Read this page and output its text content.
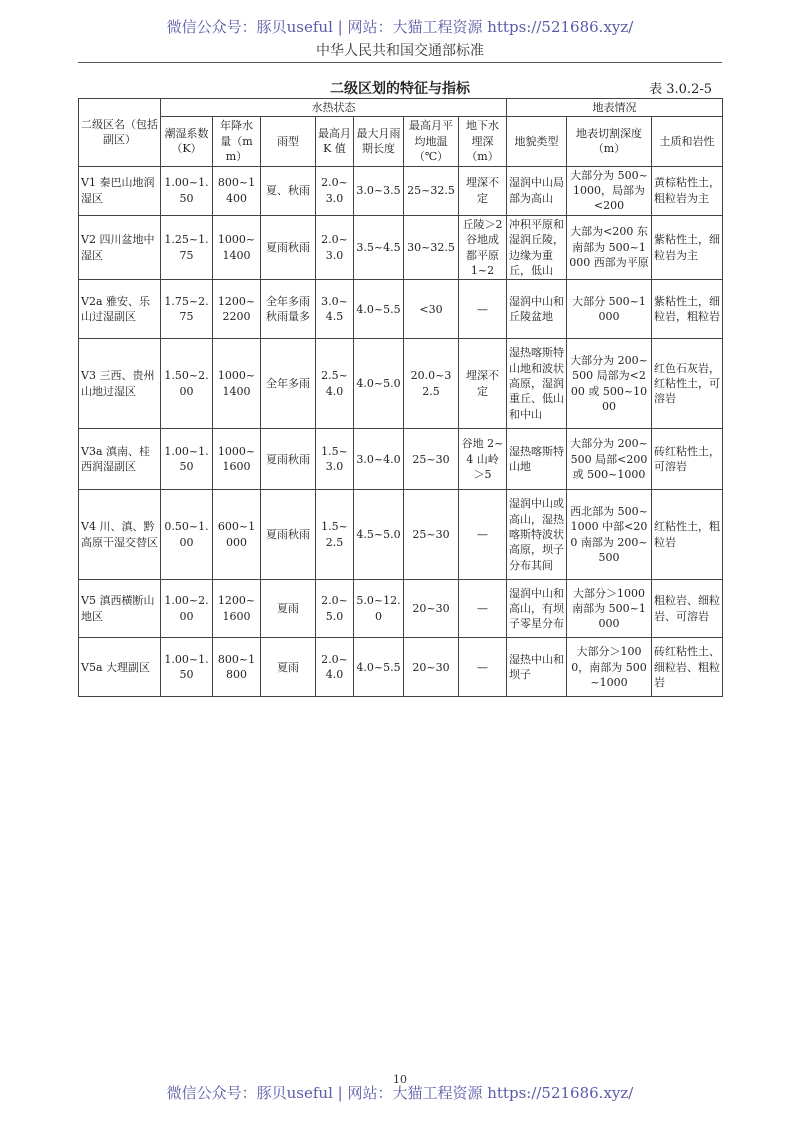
微信公众号：豚贝useful | 网站：大猫工程资源 https://521686.xyz/
中华人民共和国交通部标准
二级区划的特征与指标	表 3.0.2-5
二级区名（包括副区）	水热状态							地表情况		
	潮湿系数（K）	年降水量（mm）	雨型	最高月 K 值	最大月雨期长度	最高月平均地温（℃）	地下水埋深（m）	地貌类型	地表切割深度（m）	土质和岩性
Ⅴ1 秦巴山地润湿区	1.00~1.50	800~1400	夏、秋雨	2.0~3.0	3.0~3.5	25~32.5	埋深不定	湿润中山局部为高山	大部分为 500~1000，局部为<200	黄棕粘性土，粗粒岩为主
Ⅴ2 四川盆地中湿区	1.25~1.75	1000~1400	夏雨秋雨	2.0~3.0	3.5~4.5	30~32.5	丘陵＞2 谷地成都平原 1~2	冲积平原和湿润丘陵，边缘为重丘，低山	大部为<200 东南部为 500~1000 西部为平原	紫粘性土，细粒岩为主
Ⅴ2a 雅安、乐山过湿副区	1.75~2.75	1200~2200	全年多雨秋雨量多	3.0~4.5	4.0~5.5	<30	—	湿润中山和丘陵盆地	大部分 500~1000	紫粘性土，细粒岩，粗粒岩
Ⅴ3 三西、贵州山地过湿区	1.50~2.00	1000~1400	全年多雨	2.5~4.0	4.0~5.0	20.0~32.5	埋深不定	湿热喀斯特山地和波状高原，湿润重丘、低山和中山	大部分为 200~500 局部为<200 或 500~1000	红色石灰岩，红粘性土，可溶岩
Ⅴ3a 滇南、桂西润湿副区	1.00~1.50	1000~1600	夏雨秋雨	1.5~3.0	3.0~4.0	25~30	谷地 2~4 山岭＞5	湿热喀斯特山地	大部分为 200~500 局部<200 或 500~1000	砖红粘性土，可溶岩
Ⅴ4 川、滇、黔高原干湿交替区	0.50~1.00	600~1000	夏雨秋雨	1.5~2.5	4.5~5.0	25~30	—	湿润中山或高山，湿热喀斯特波状高原，坝子分布其间	西北部为 500~1000 中部<200 南部为 200~500	红粘性土，粗粒岩
Ⅴ5 滇西横断山地区	1.00~2.00	1200~1600	夏雨	2.0~5.0	5.0~12.0	20~30	—	湿润中山和高山，有坝子零星分布	大部分＞1000 南部为 500~1000	粗粒岩、细粒岩、可溶岩
Ⅴ5a 大理副区	1.00~1.50	800~1800	夏雨	2.0~4.0	4.0~5.5	20~30	—	湿热中山和坝子	大部分＞1000，南部为 500~1000	砖红粘性土、细粒岩、粗粒岩
10
微信公众号：豚贝useful | 网站：大猫工程资源 https://521686.xyz/
